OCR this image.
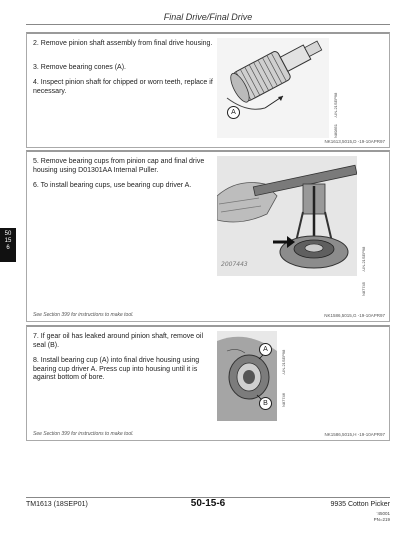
Final Drive/Final Drive
50
15
6

2. Remove pinion shaft assembly from final drive housing.

3. Remove bearing cones (A).

4. Inspect pinion shaft for chipped or worn teeth, replace if necessary.

A	-UN-21SEP98
N80851
NK1613,5015,D -19-10APR97

5. Remove bearing cups from pinion cap and final drive housing using D01301AA Internal Puller.

6. To install bearing cups, use bearing cup driver A.

2007443	-UN-21SEP98
N87745
See Section 399 for instructions to make tool.	NK1586,5015,G -19-10APR97

7. If gear oil has leaked around pinion shaft, remove oil seal (B).

8. Install bearing cup (A) into final drive housing using bearing cup driver A. Press cup into housing until it is against bottom of bore.

A
B
-UN-21SEP98
N87746
See Section 399 for instructions to make tool.	NK1586,5015,H -19-10APR97
TM1613 (18SEP01)	50-15-6	9935 Cotton Picker
’​45001
PN=219
